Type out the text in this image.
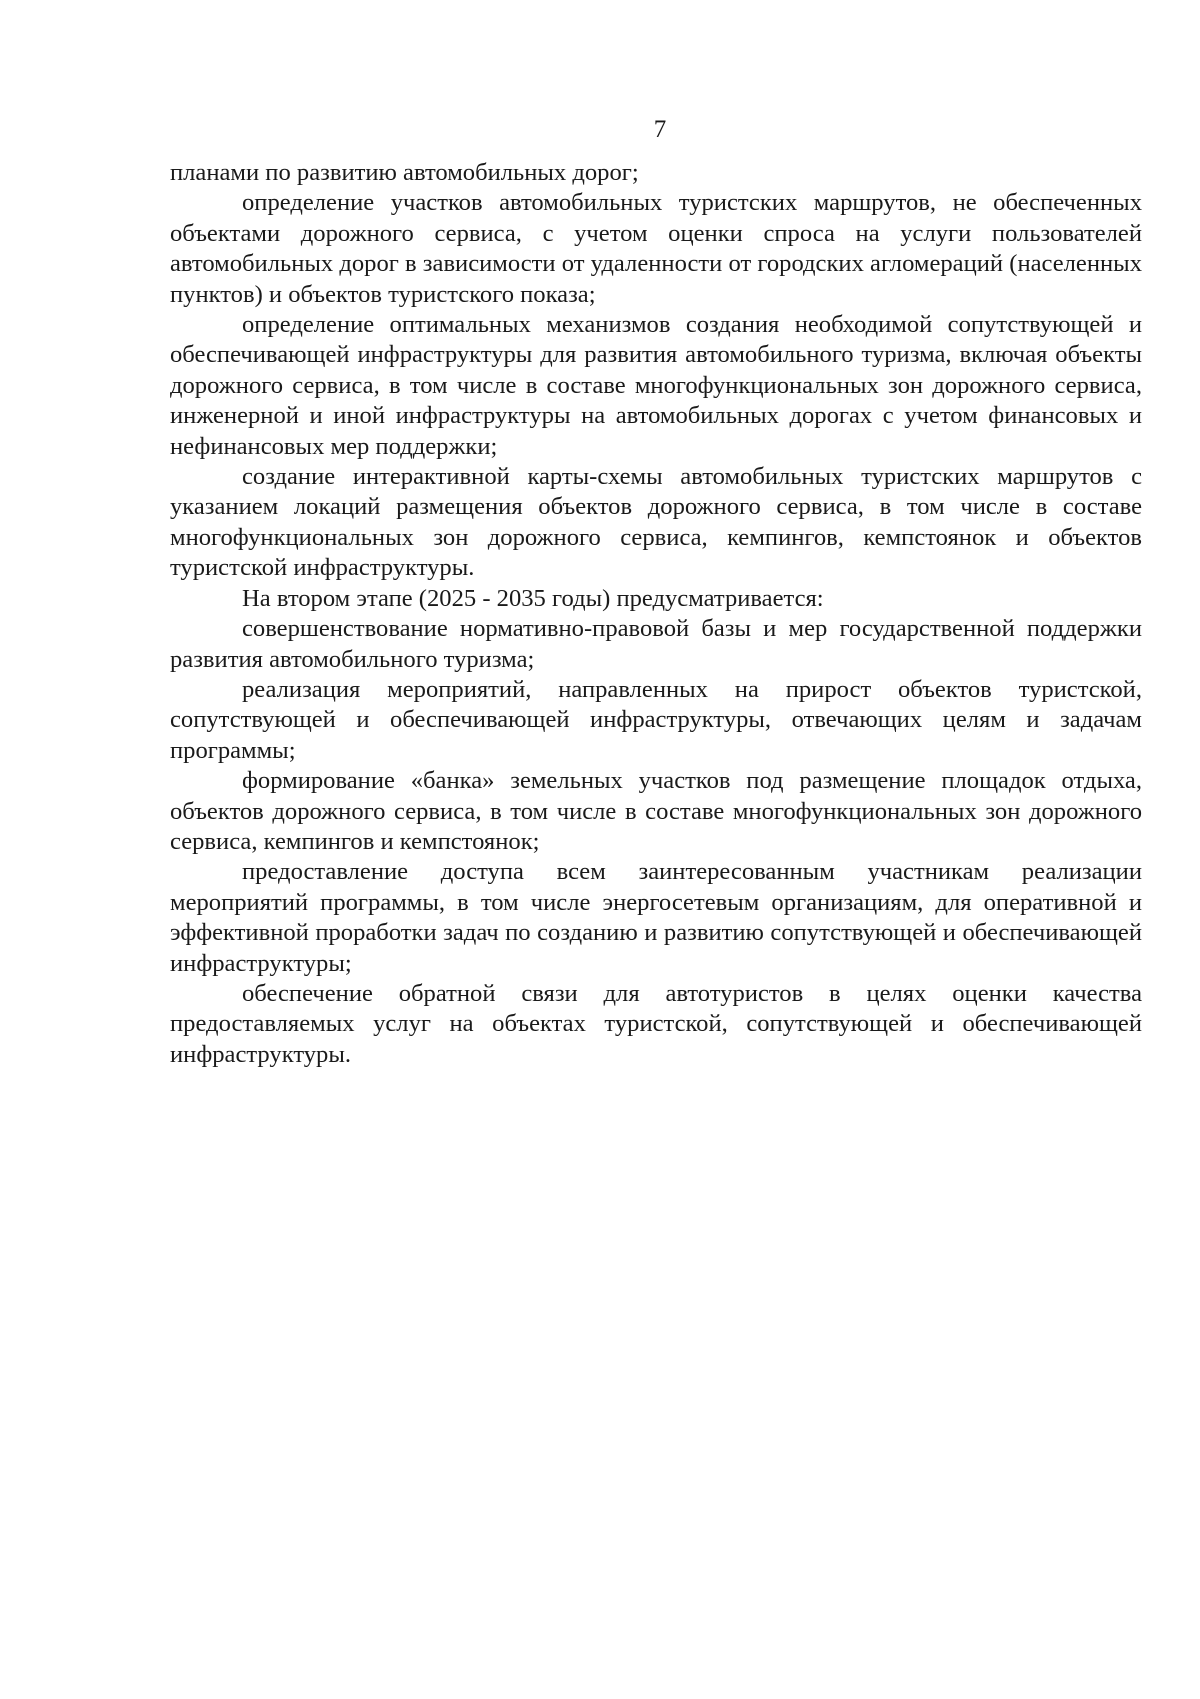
7

планами по развитию автомобильных дорог;

определение участков автомобильных туристских маршрутов, не обеспеченных объектами дорожного сервиса, с учетом оценки спроса на услуги пользователей автомобильных дорог в зависимости от удаленности от городских агломераций (населенных пунктов) и объектов туристского показа;

определение оптимальных механизмов создания необходимой сопутствующей и обеспечивающей инфраструктуры для развития автомобильного туризма, включая объекты дорожного сервиса, в том числе в составе многофункциональных зон дорожного сервиса, инженерной и иной инфраструктуры на автомобильных дорогах с учетом финансовых и нефинансовых мер поддержки;

создание интерактивной карты-схемы автомобильных туристских маршрутов с указанием локаций размещения объектов дорожного сервиса, в том числе в составе многофункциональных зон дорожного сервиса, кемпингов, кемпстоянок и объектов туристской инфраструктуры.

На втором этапе (2025 - 2035 годы) предусматривается:

совершенствование нормативно-правовой базы и мер государственной поддержки развития автомобильного туризма;

реализация мероприятий, направленных на прирост объектов туристской, сопутствующей и обеспечивающей инфраструктуры, отвечающих целям и задачам программы;

формирование «банка» земельных участков под размещение площадок отдыха, объектов дорожного сервиса, в том числе в составе многофункциональных зон дорожного сервиса, кемпингов и кемпстоянок;

предоставление доступа всем заинтересованным участникам реализации мероприятий программы, в том числе энергосетевым организациям, для оперативной и эффективной проработки задач по созданию и развитию сопутствующей и обеспечивающей инфраструктуры;

обеспечение обратной связи для автотуристов в целях оценки качества предоставляемых услуг на объектах туристской, сопутствующей и обеспечивающей инфраструктуры.
